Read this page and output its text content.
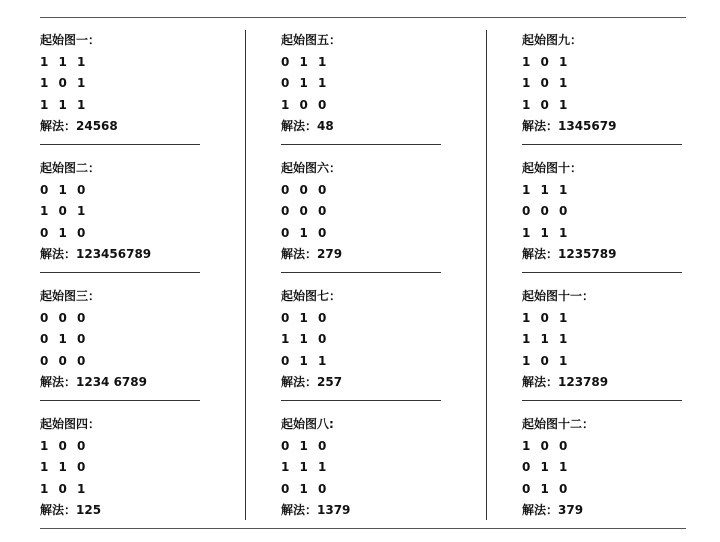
起始图一：
1 1 1
1 0 1
1 1 1
解法：24568
起始图二：
0 1 0
1 0 1
0 1 0
解法：123456789
起始图三：
0 0 0
0 1 0
0 0 0
解法：1234 6789
起始图四：
1 0 0
1 1 0
1 0 1
解法：125
起始图五：
0 1 1
0 1 1
1 0 0
解法：48
起始图六：
0 0 0
0 0 0
0 1 0
解法：279
起始图七：
0 1 0
1 1 0
0 1 1
解法：257
起始图八:
0 1 0
1 1 1
0 1 0
解法：1379
起始图九：
1 0 1
1 0 1
1 0 1
解法：1345679
起始图十：
1 1 1
0 0 0
1 1 1
解法：1235789
起始图十一：
1 0 1
1 1 1
1 0 1
解法：123789
起始图十二：
1 0 0
0 1 1
0 1 0
解法：379
